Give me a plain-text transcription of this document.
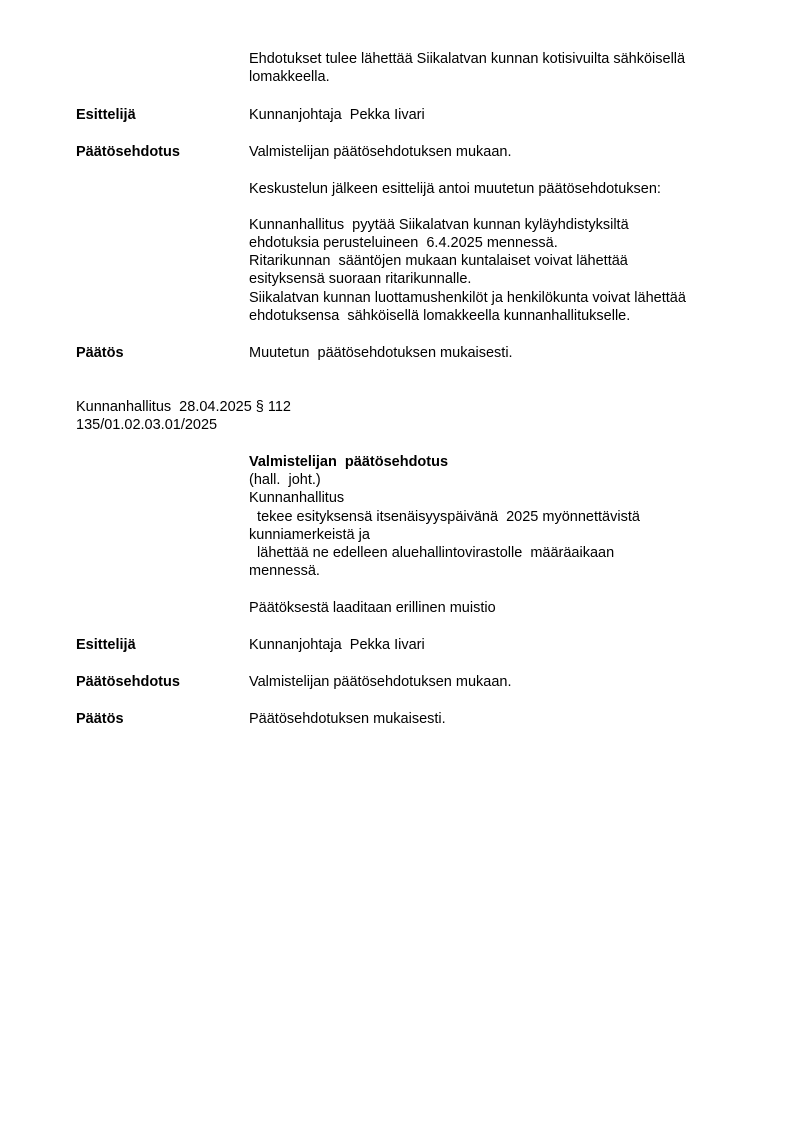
Ehdotukset tulee lähettää Siikalatvan kunnan kotisivuilta sähköisellä
lomakkeella.
Esittelijä	Kunnanjohtaja  Pekka Iivari
Päätösehdotus	Valmistelijan päätösehdotuksen mukaan.
Keskustelun jälkeen esittelijä antoi muutetun päätösehdotuksen:
Kunnanhallitus  pyytää Siikalatvan kunnan kyläyhdistyksiltä
ehdotuksia perusteluineen  6.4.2025 mennessä.
Ritarikunnan  sääntöjen mukaan kuntalaiset voivat lähettää
esityksensä suoraan ritarikunnalle.
Siikalatvan kunnan luottamushenkilöt ja henkilökunta voivat lähettää
ehdotuksensa  sähköisellä lomakkeella kunnanhallitukselle.
Päätös	Muutetun  päätösehdotuksen mukaisesti.
Kunnanhallitus  28.04.2025 § 112
135/01.02.03.01/2025
Valmistelijan  päätösehdotus
(hall.  joht.)
Kunnanhallitus
tekee esityksensä itsenäisyyspäivänä  2025 myönnettävistä
kunniamerkeistä ja
lähettää ne edelleen aluehallintovirastolle  määräaikaan
mennessä.
Päätöksestä laaditaan erillinen muistio
Esittelijä	Kunnanjohtaja  Pekka Iivari
Päätösehdotus	Valmistelijan päätösehdotuksen mukaan.
Päätös	Päätösehdotuksen mukaisesti.
